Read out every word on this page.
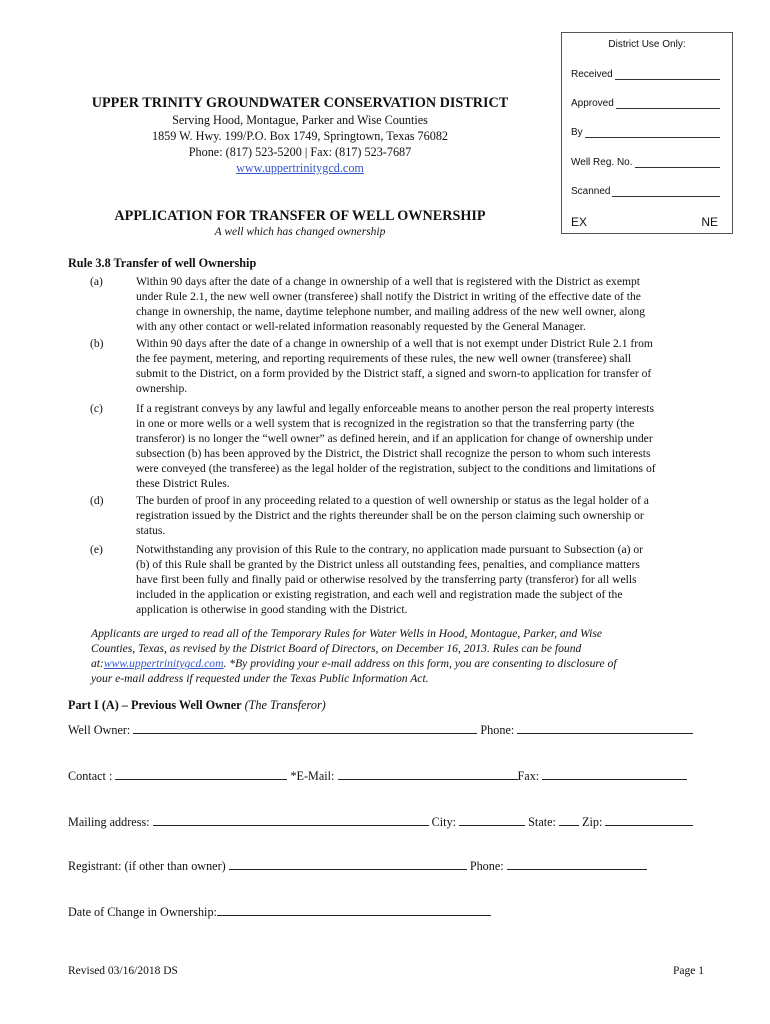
District Use Only:
Received
Approved
By
Well Reg. No.
Scanned
EX	NE
UPPER TRINITY GROUNDWATER CONSERVATION DISTRICT
Serving Hood, Montague, Parker and Wise Counties
1859 W. Hwy. 199/P.O. Box 1749, Springtown, Texas 76082
Phone: (817) 523-5200 | Fax: (817) 523-7687
www.uppertrinitygcd.com
APPLICATION FOR TRANSFER OF WELL OWNERSHIP
A well which has changed ownership
Rule 3.8 Transfer of well Ownership
(a)	Within 90 days after the date of a change in ownership of a well that is registered with the District as exempt
under Rule 2.1, the new well owner (transferee) shall notify the District in writing of the effective date of the
change in ownership, the name, daytime telephone number, and mailing address of the new well owner, along
with any other contact or well-related information reasonably requested by the General Manager.
(b)	Within 90 days after the date of a change in ownership of a well that is not exempt under District Rule 2.1 from
the fee payment, metering, and reporting requirements of these rules, the new well owner (transferee) shall
submit to the District, on a form provided by the District staff, a signed and sworn-to application for transfer of
ownership.
(c)	If a registrant conveys by any lawful and legally enforceable means to another person the real property interests
in one or more wells or a well system that is recognized in the registration so that the transferring party (the
transferor) is no longer the “well owner” as defined herein, and if an application for change of ownership under
subsection (b) has been approved by the District, the District shall recognize the person to whom such interests
were conveyed (the transferee) as the legal holder of the registration, subject to the conditions and limitations of
these District Rules.
(d)	The burden of proof in any proceeding related to a question of well ownership or status as the legal holder of a
registration issued by the District and the rights thereunder shall be on the person claiming such ownership or
status.
(e)	Notwithstanding any provision of this Rule to the contrary, no application made pursuant to Subsection (a) or
(b) of this Rule shall be granted by the District unless all outstanding fees, penalties, and compliance matters
have first been fully and finally paid or otherwise resolved by the transferring party (transferor) for all wells
included in the application or existing registration, and each well and registration made the subject of the
application is otherwise in good standing with the District.
Applicants are urged to read all of the Temporary Rules for Water Wells in Hood, Montague, Parker, and Wise
Counties, Texas, as revised by the District Board of Directors, on December 16, 2013. Rules can be found
at:www.uppertrinitygcd.com. *By providing your e-mail address on this form, you are consenting to disclosure of
your e-mail address if requested under the Texas Public Information Act.
Part I (A) – Previous Well Owner (The Transferor)
Well Owner:	Phone:
Contact :	*E-Mail:	Fax:
Mailing address:	City:	State: Zip:
Registrant: (if other than owner)	Phone:
Date of Change in Ownership:
Revised 03/16/2018 DS	Page 1
